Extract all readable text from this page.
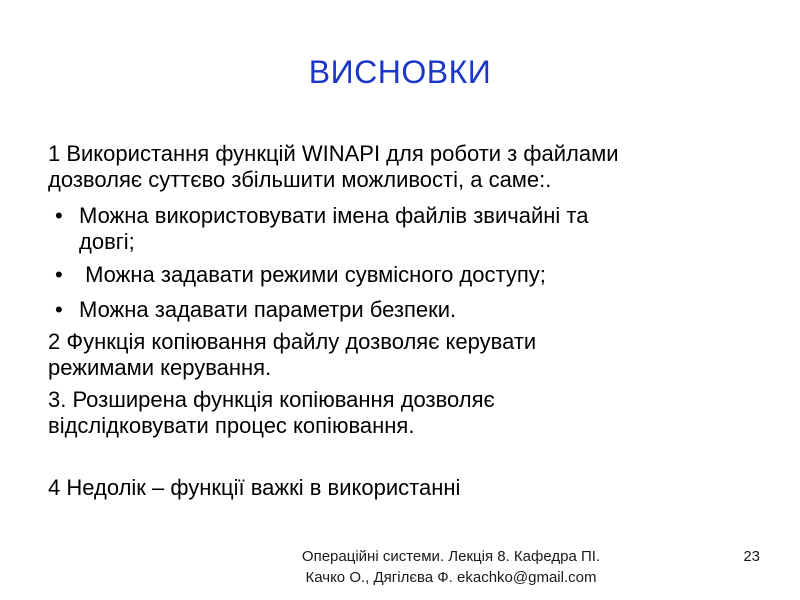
ВИСНОВКИ

1 Використання функцій WINAPI для роботи з файлами
дозволяє суттєво збільшити можливості, а саме:.

• Можна використовувати імена файлів звичайні та
довгі;

• Можна задавати режими сувмісного доступу;

• Можна задавати параметри безпеки.

2 Функція копіювання файлу дозволяє керувати
режимами керування.

3. Розширена функція копіювання дозволяє
відслідковувати процес копіювання.

4 Недолік – функції важкі в використанні

Операційні системи. Лекція 8. Кафедра ПІ.
Качко О., Дягілєва Ф. ekachko@gmail.com
23
